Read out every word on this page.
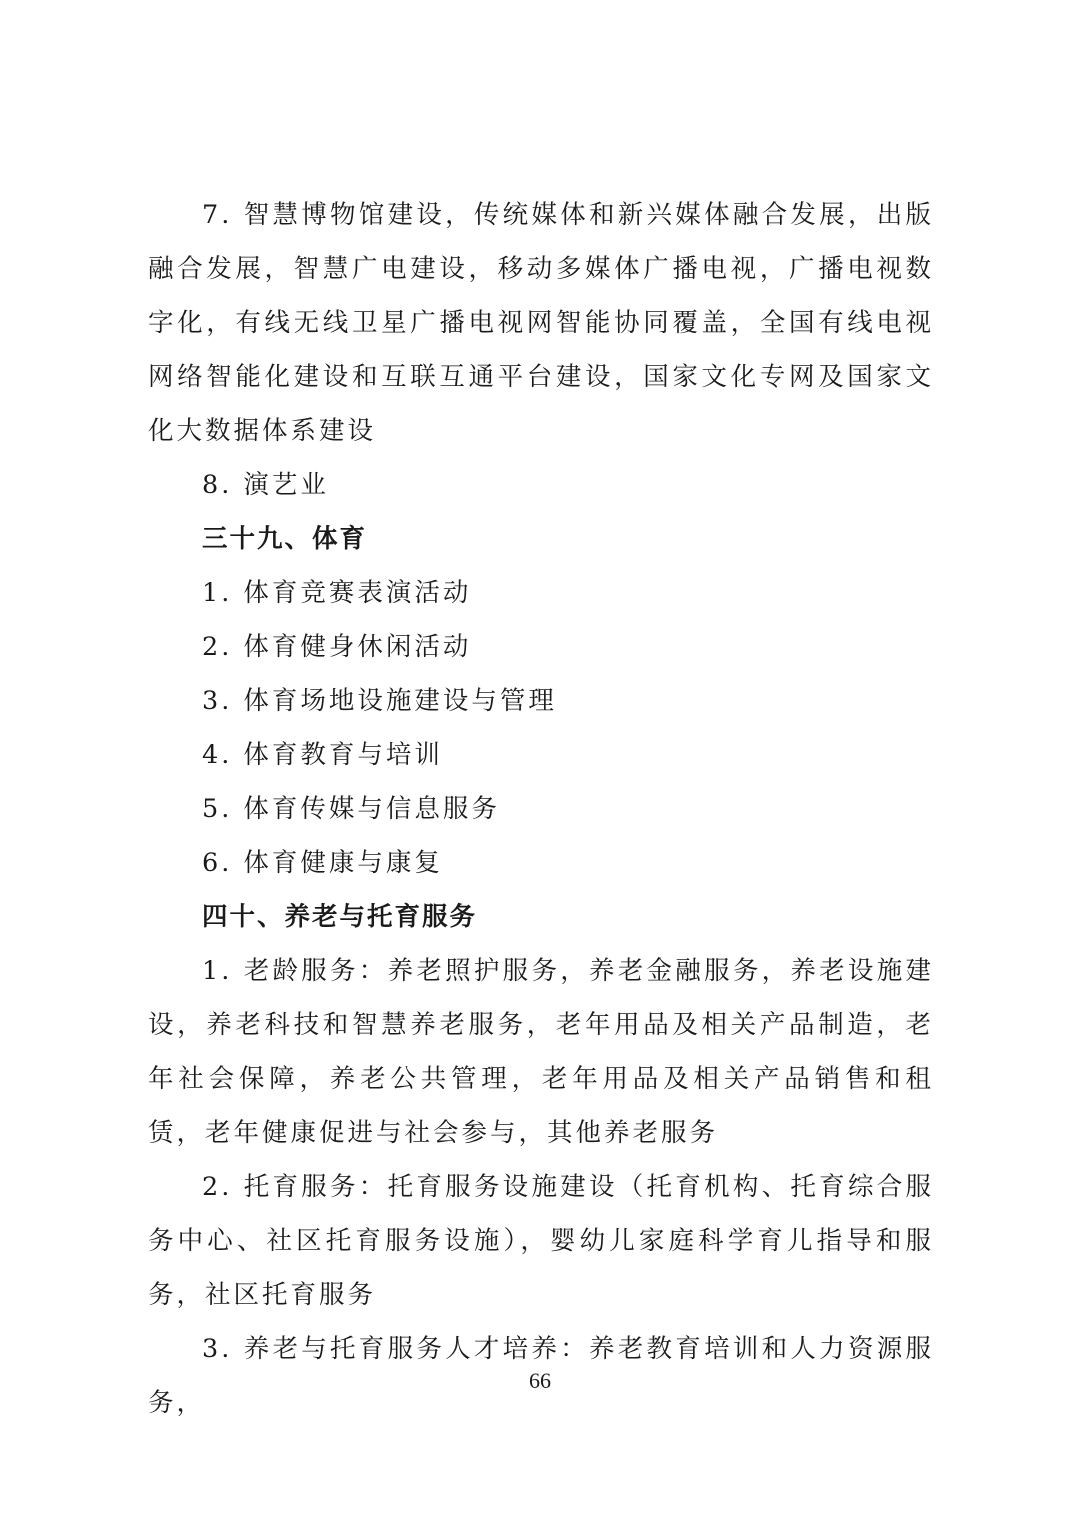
7. 智慧博物馆建设，传统媒体和新兴媒体融合发展，出版融合发展，智慧广电建设，移动多媒体广播电视，广播电视数字化，有线无线卫星广播电视网智能协同覆盖，全国有线电视网络智能化建设和互联互通平台建设，国家文化专网及国家文化大数据体系建设

8. 演艺业

三十九、体育

1. 体育竞赛表演活动

2. 体育健身休闲活动

3. 体育场地设施建设与管理

4. 体育教育与培训

5. 体育传媒与信息服务

6. 体育健康与康复

四十、养老与托育服务

1. 老龄服务：养老照护服务，养老金融服务，养老设施建设，养老科技和智慧养老服务，老年用品及相关产品制造，老年社会保障，养老公共管理，老年用品及相关产品销售和租赁，老年健康促进与社会参与，其他养老服务

2. 托育服务：托育服务设施建设（托育机构、托育综合服务中心、社区托育服务设施），婴幼儿家庭科学育儿指导和服务，社区托育服务

3. 养老与托育服务人才培养：养老教育培训和人力资源服务，

66
